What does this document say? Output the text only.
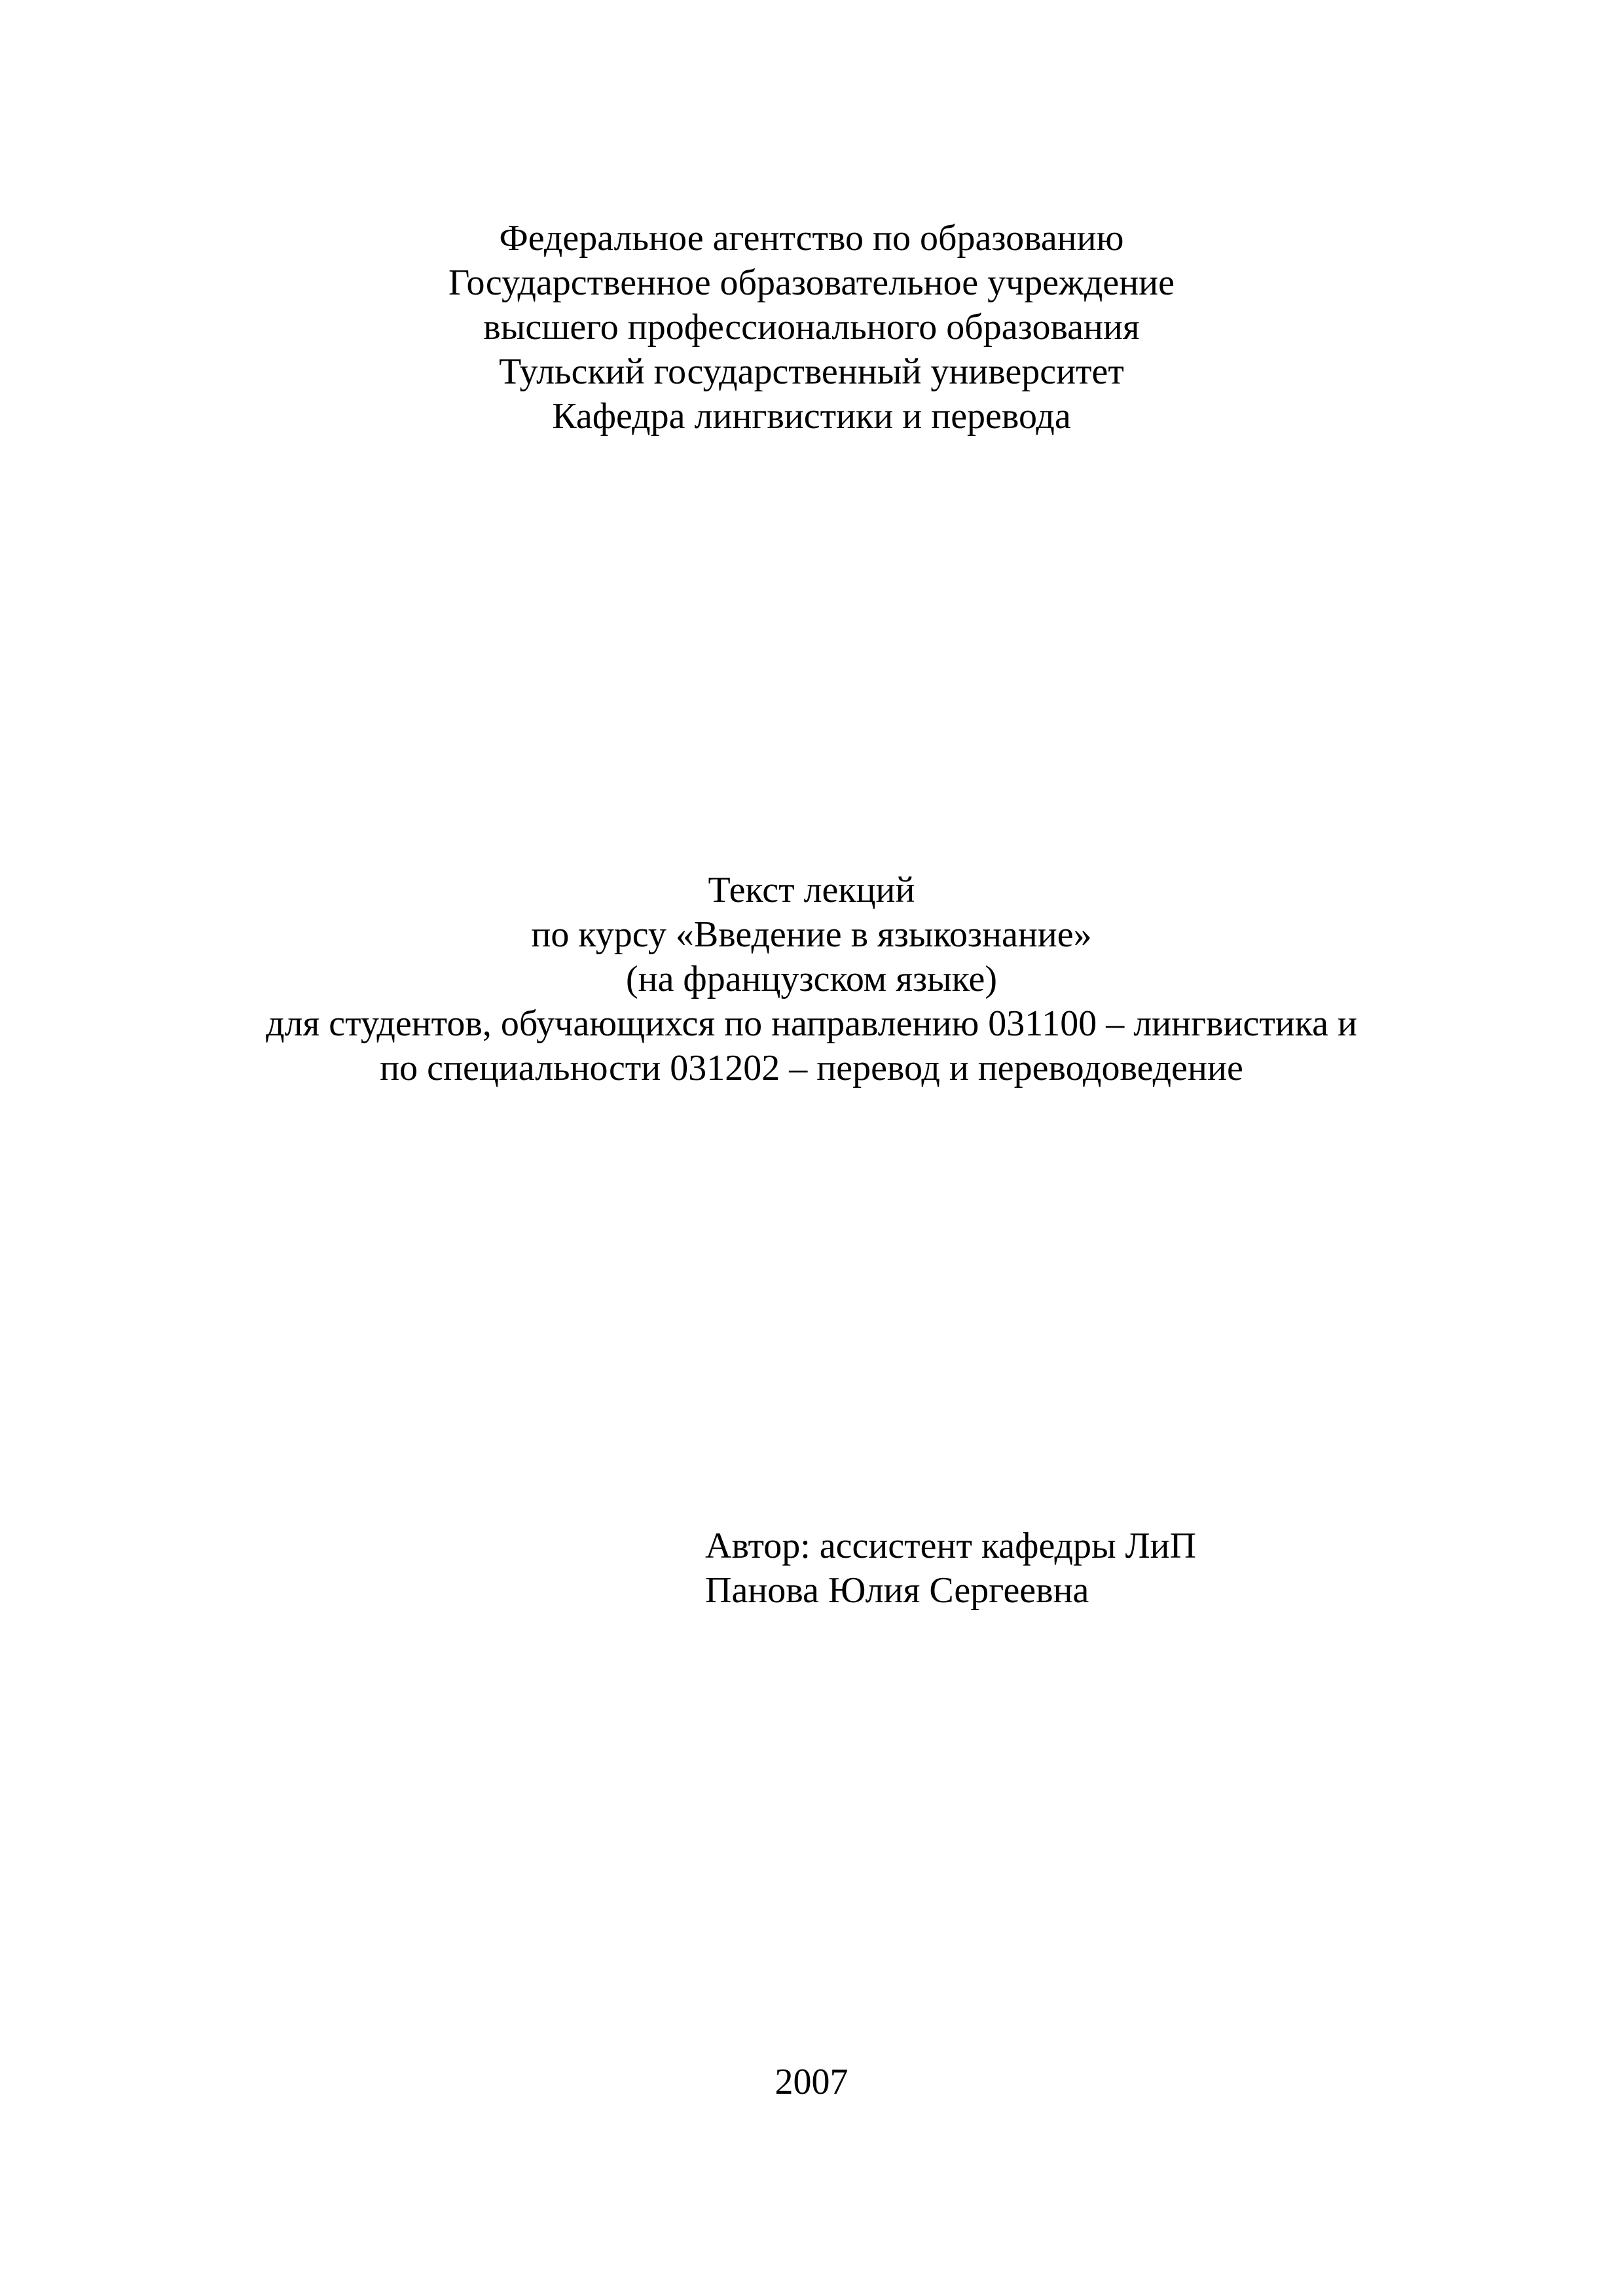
Федеральное агентство по образованию
Государственное образовательное учреждение
высшего профессионального образования
Тульский государственный университет
Кафедра лингвистики и перевода
Текст лекций
по курсу «Введение в языкознание»
(на французском языке)
для студентов, обучающихся по направлению 031100 – лингвистика и
по специальности 031202 – перевод и переводоведение
Автор: ассистент кафедры ЛиП
Панова Юлия Сергеевна
2007
